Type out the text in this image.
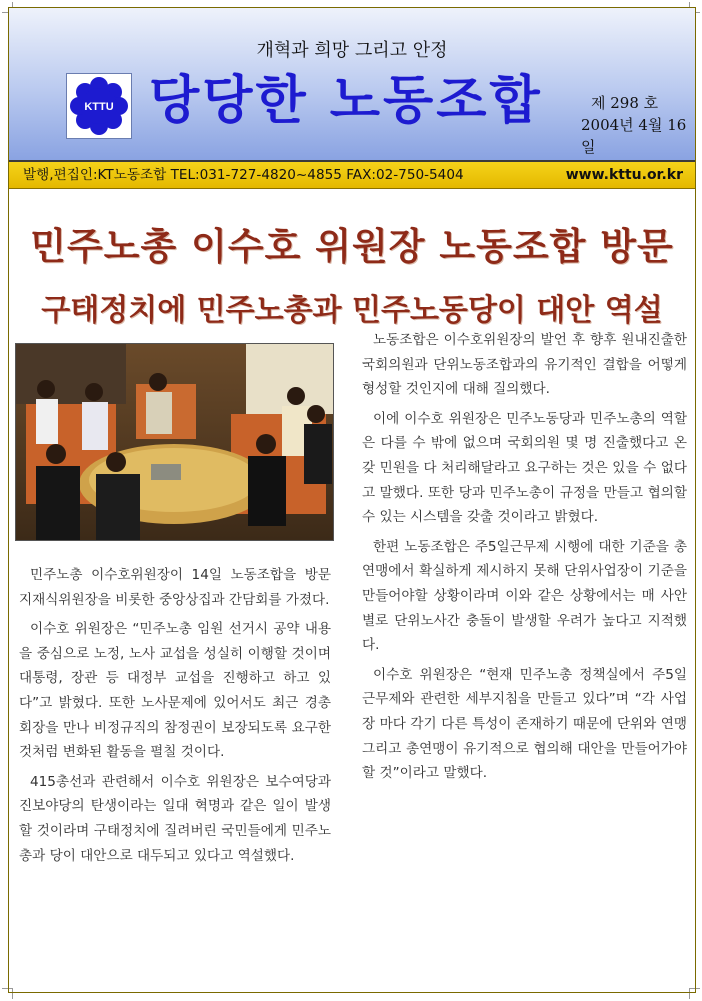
개혁과 희망 그리고 안정
KTTU 당당한 노동조합	제 298 호
2004년 4월 16일
발행,편집인:KT노동조합 TEL:031-727-4820~4855 FAX:02-750-5404	www.kttu.or.kr
민주노총 이수호 위원장 노동조합 방문
구태정치에 민주노총과 민주노동당이 대안 역설

민주노총 이수호위원장이 14일 노동조합을 방문 지재식위원장을 비롯한 중앙상집과 간담회를 가졌다.

이수호 위원장은 “민주노총 임원 선거시 공약 내용을 중심으로 노정, 노사 교섭을 성실히 이행할 것이며 대통령, 장관 등 대정부 교섭을 진행하고 하고 있다”고 밝혔다. 또한 노사문제에 있어서도 최근 경총 회장을 만나 비정규직의 참정권이 보장되도록 요구한 것처럼 변화된 활동을 펼칠 것이다.

415총선과 관련해서 이수호 위원장은 보수여당과 진보야당의 탄생이라는 일대 혁명과 같은 일이 발생할 것이라며 구태정치에 질려버린 국민들에게 민주노총과 당이 대안으로 대두되고 있다고 역설했다.

노동조합은 이수호위원장의 발언 후 향후 원내진출한 국회의원과 단위노동조합과의 유기적인 결합을 어떻게 형성할 것인지에 대해 질의했다.

이에 이수호 위원장은 민주노동당과 민주노총의 역할은 다를 수 밖에 없으며 국회의원 몇 명 진출했다고 온갖 민원을 다 처리해달라고 요구하는 것은 있을 수 없다고 말했다. 또한 당과 민주노총이 규정을 만들고 협의할 수 있는 시스템을 갖출 것이라고 밝혔다.

한편 노동조합은 주5일근무제 시행에 대한 기준을 총연맹에서 확실하게 제시하지 못해 단위사업장이 기준을 만들어야할 상황이라며 이와 같은 상황에서는 매 사안별로 단위노사간 충돌이 발생할 우려가 높다고 지적했다.

이수호 위원장은 “현재 민주노총 정책실에서 주5일 근무제와 관련한 세부지침을 만들고 있다”며 “각 사업장 마다 각기 다른 특성이 존재하기 때문에 단위와 연맹 그리고 총연맹이 유기적으로 협의해 대안을 만들어가야 할 것”이라고 말했다.
